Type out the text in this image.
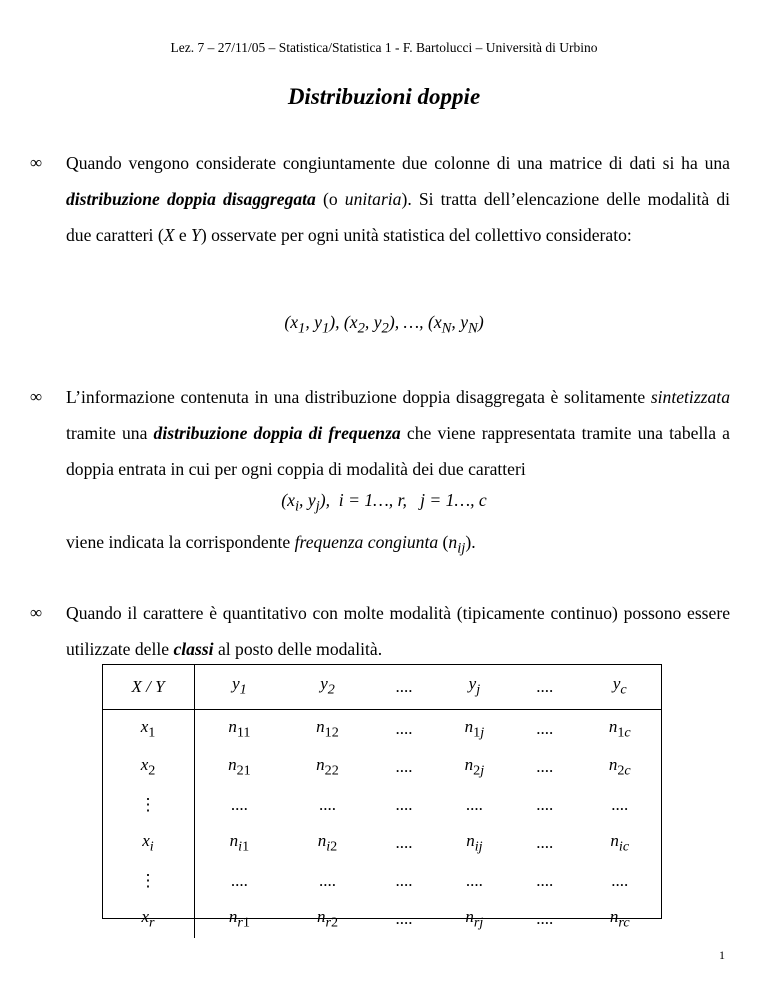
Lez. 7 – 27/11/05 – Statistica/Statistica 1 - F. Bartolucci – Università di Urbino
Distribuzioni doppie
∞ Quando vengono considerate congiuntamente due colonne di una matrice di dati si ha una distribuzione doppia disaggregata (o unitaria). Si tratta dell’elencazione delle modalità di due caratteri (X e Y) osservate per ogni unità statistica del collettivo considerato:
($x_1$, $y_1$), ($x_2$, $y_2$), …, ($x_N$, $y_N$)
∞ L’informazione contenuta in una distribuzione doppia disaggregata è solitamente sintetizzata tramite una distribuzione doppia di frequenza che viene rappresentata tramite una tabella a doppia entrata in cui per ogni coppia di modalità dei due caratteri
($x_i$, $y_j$),  i = 1…, r,   j = 1…, c
viene indicata la corrispondente frequenza congiunta $(n_{ij})$.
∞ Quando il carattere è quantitativo con molte modalità (tipicamente continuo) possono essere utilizzate delle classi al posto delle modalità.
X / Y	$y_1$	$y_2$	....	$y_j$	....	$y_c$
$x_1$	$n_{11}$	$n_{12}$	....	$n_{1j}$	....	$n_{1c}$
$x_2$	$n_{21}$	$n_{22}$	....	$n_{2j}$	....	$n_{2c}$
⋮	....	....	....	....	....	....
$x_i$	$n_{i1}$	$n_{i2}$	....	$n_{ij}$	....	$n_{ic}$
⋮	....	....	....	....	....	....
$x_r$	$n_{r1}$	$n_{r2}$	....	$n_{rj}$	....	$n_{rc}$
1
